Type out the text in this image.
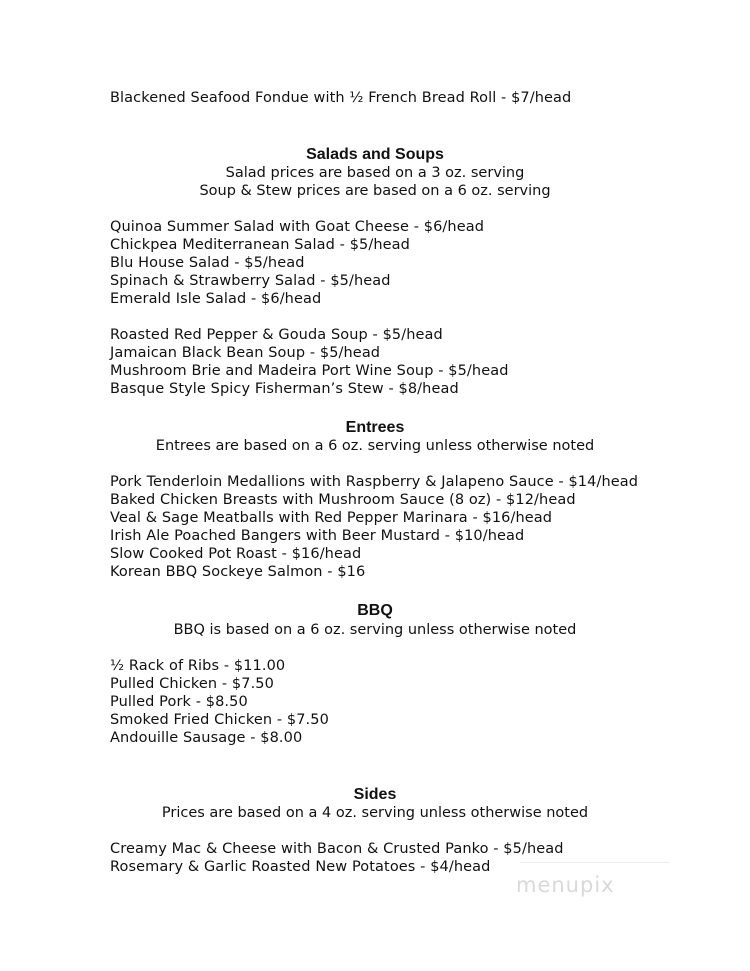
Blackened Seafood Fondue with ½ French Bread Roll - $7/head
Salads and Soups
Salad prices are based on a 3 oz. serving
Soup & Stew prices are based on a 6 oz. serving
Quinoa Summer Salad with Goat Cheese - $6/head
Chickpea Mediterranean Salad - $5/head
Blu House Salad - $5/head
Spinach & Strawberry Salad - $5/head
Emerald Isle Salad - $6/head
Roasted Red Pepper & Gouda Soup - $5/head
Jamaican Black Bean Soup - $5/head
Mushroom Brie and Madeira Port Wine Soup - $5/head
Basque Style Spicy Fisherman’s Stew - $8/head
Entrees
Entrees are based on a 6 oz. serving unless otherwise noted
Pork Tenderloin Medallions with Raspberry & Jalapeno Sauce - $14/head
Baked Chicken Breasts with Mushroom Sauce (8 oz) - $12/head
Veal & Sage Meatballs with Red Pepper Marinara - $16/head
Irish Ale Poached Bangers with Beer Mustard - $10/head
Slow Cooked Pot Roast - $16/head
Korean BBQ Sockeye Salmon - $16
BBQ
BBQ is based on a 6 oz. serving unless otherwise noted
½ Rack of Ribs - $11.00
Pulled Chicken - $7.50
Pulled Pork - $8.50
Smoked Fried Chicken - $7.50
Andouille Sausage - $8.00
Sides
Prices are based on a 4 oz. serving unless otherwise noted
Creamy Mac & Cheese with Bacon & Crusted Panko - $5/head
Rosemary & Garlic Roasted New Potatoes - $4/head
menupix
